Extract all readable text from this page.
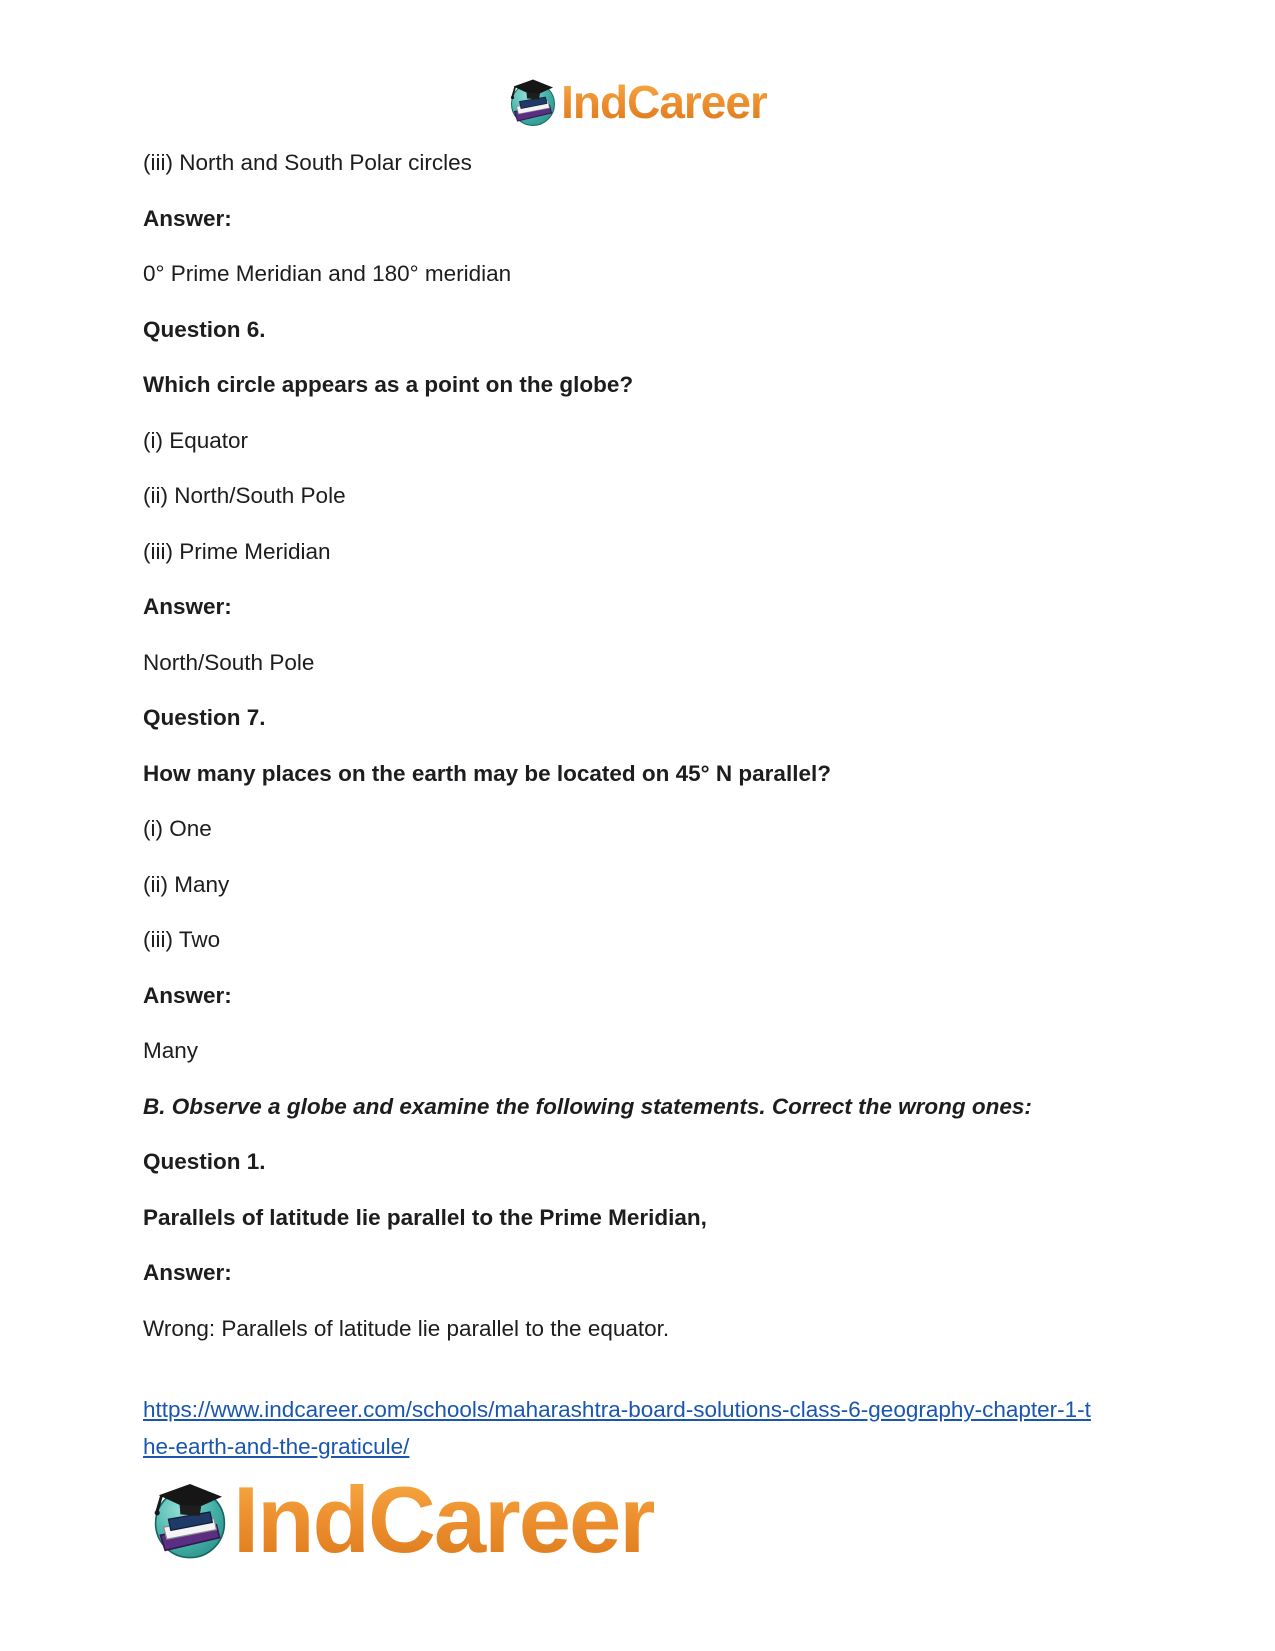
IndCareer

(iii) North and South Polar circles

Answer:

0° Prime Meridian and 180° meridian

Question 6.

Which circle appears as a point on the globe?

(i) Equator

(ii) North/South Pole

(iii) Prime Meridian

Answer:

North/South Pole

Question 7.

How many places on the earth may be located on 45° N parallel?

(i) One

(ii) Many

(iii) Two

Answer:

Many

B. Observe a globe and examine the following statements. Correct the wrong ones:

Question 1.

Parallels of latitude lie parallel to the Prime Meridian,

Answer:

Wrong: Parallels of latitude lie parallel to the equator.

https://www.indcareer.com/schools/maharashtra-board-solutions-class-6-geography-chapter-1-t
he-earth-and-the-graticule/

IndCareer
